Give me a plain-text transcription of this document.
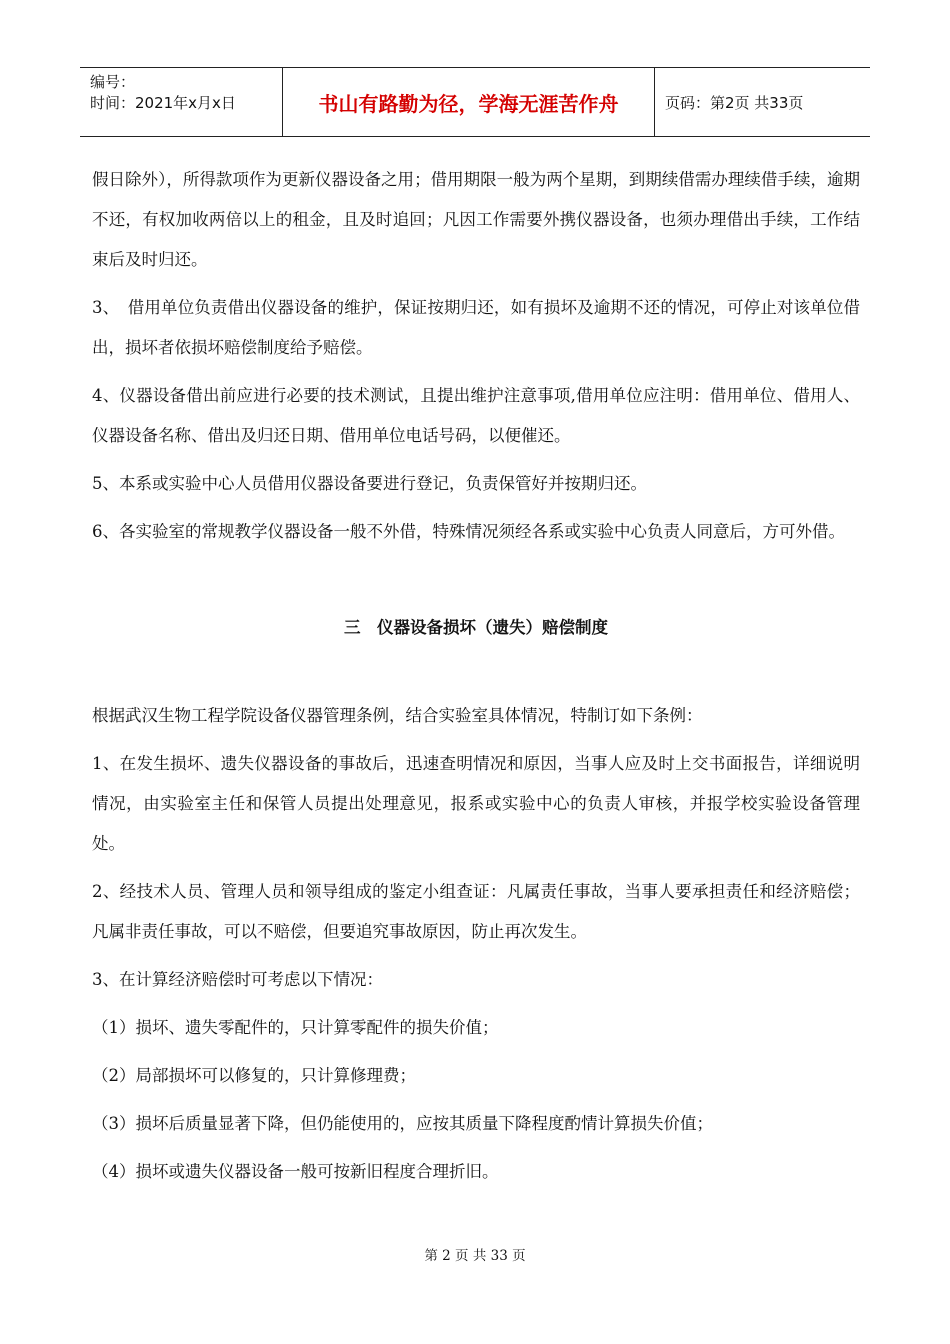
编号：
时间：2021年x月x日	书山有路勤为径，学海无涯苦作舟	页码：第2页 共33页

假日除外），所得款项作为更新仪器设备之用；借用期限一般为两个星期，到期续借需办理续借手续，逾期不还，有权加收两倍以上的租金，且及时追回；凡因工作需要外携仪器设备，也须办理借出手续，工作结束后及时归还。

3、　借用单位负责借出仪器设备的维护，保证按期归还，如有损坏及逾期不还的情况，可停止对该单位借出，损坏者依损坏赔偿制度给予赔偿。

4、仪器设备借出前应进行必要的技术测试，且提出维护注意事项,借用单位应注明：借用单位、借用人、仪器设备名称、借出及归还日期、借用单位电话号码，以便催还。

5、本系或实验中心人员借用仪器设备要进行登记，负责保管好并按期归还。

6、各实验室的常规教学仪器设备一般不外借，特殊情况须经各系或实验中心负责人同意后，方可外借。

三　仪器设备损坏（遗失）赔偿制度

根据武汉生物工程学院设备仪器管理条例，结合实验室具体情况，特制订如下条例：

1、在发生损坏、遗失仪器设备的事故后，迅速查明情况和原因，当事人应及时上交书面报告，详细说明情况，由实验室主任和保管人员提出处理意见，报系或实验中心的负责人审核，并报学校实验设备管理处。

2、经技术人员、管理人员和领导组成的鉴定小组查证：凡属责任事故，当事人要承担责任和经济赔偿；凡属非责任事故，可以不赔偿，但要追究事故原因，防止再次发生。

3、在计算经济赔偿时可考虑以下情况：

（1）损坏、遗失零配件的，只计算零配件的损失价值；

（2）局部损坏可以修复的，只计算修理费；

（3）损坏后质量显著下降，但仍能使用的，应按其质量下降程度酌情计算损失价值；

（4）损坏或遗失仪器设备一般可按新旧程度合理折旧。

第 2 页 共 33 页
